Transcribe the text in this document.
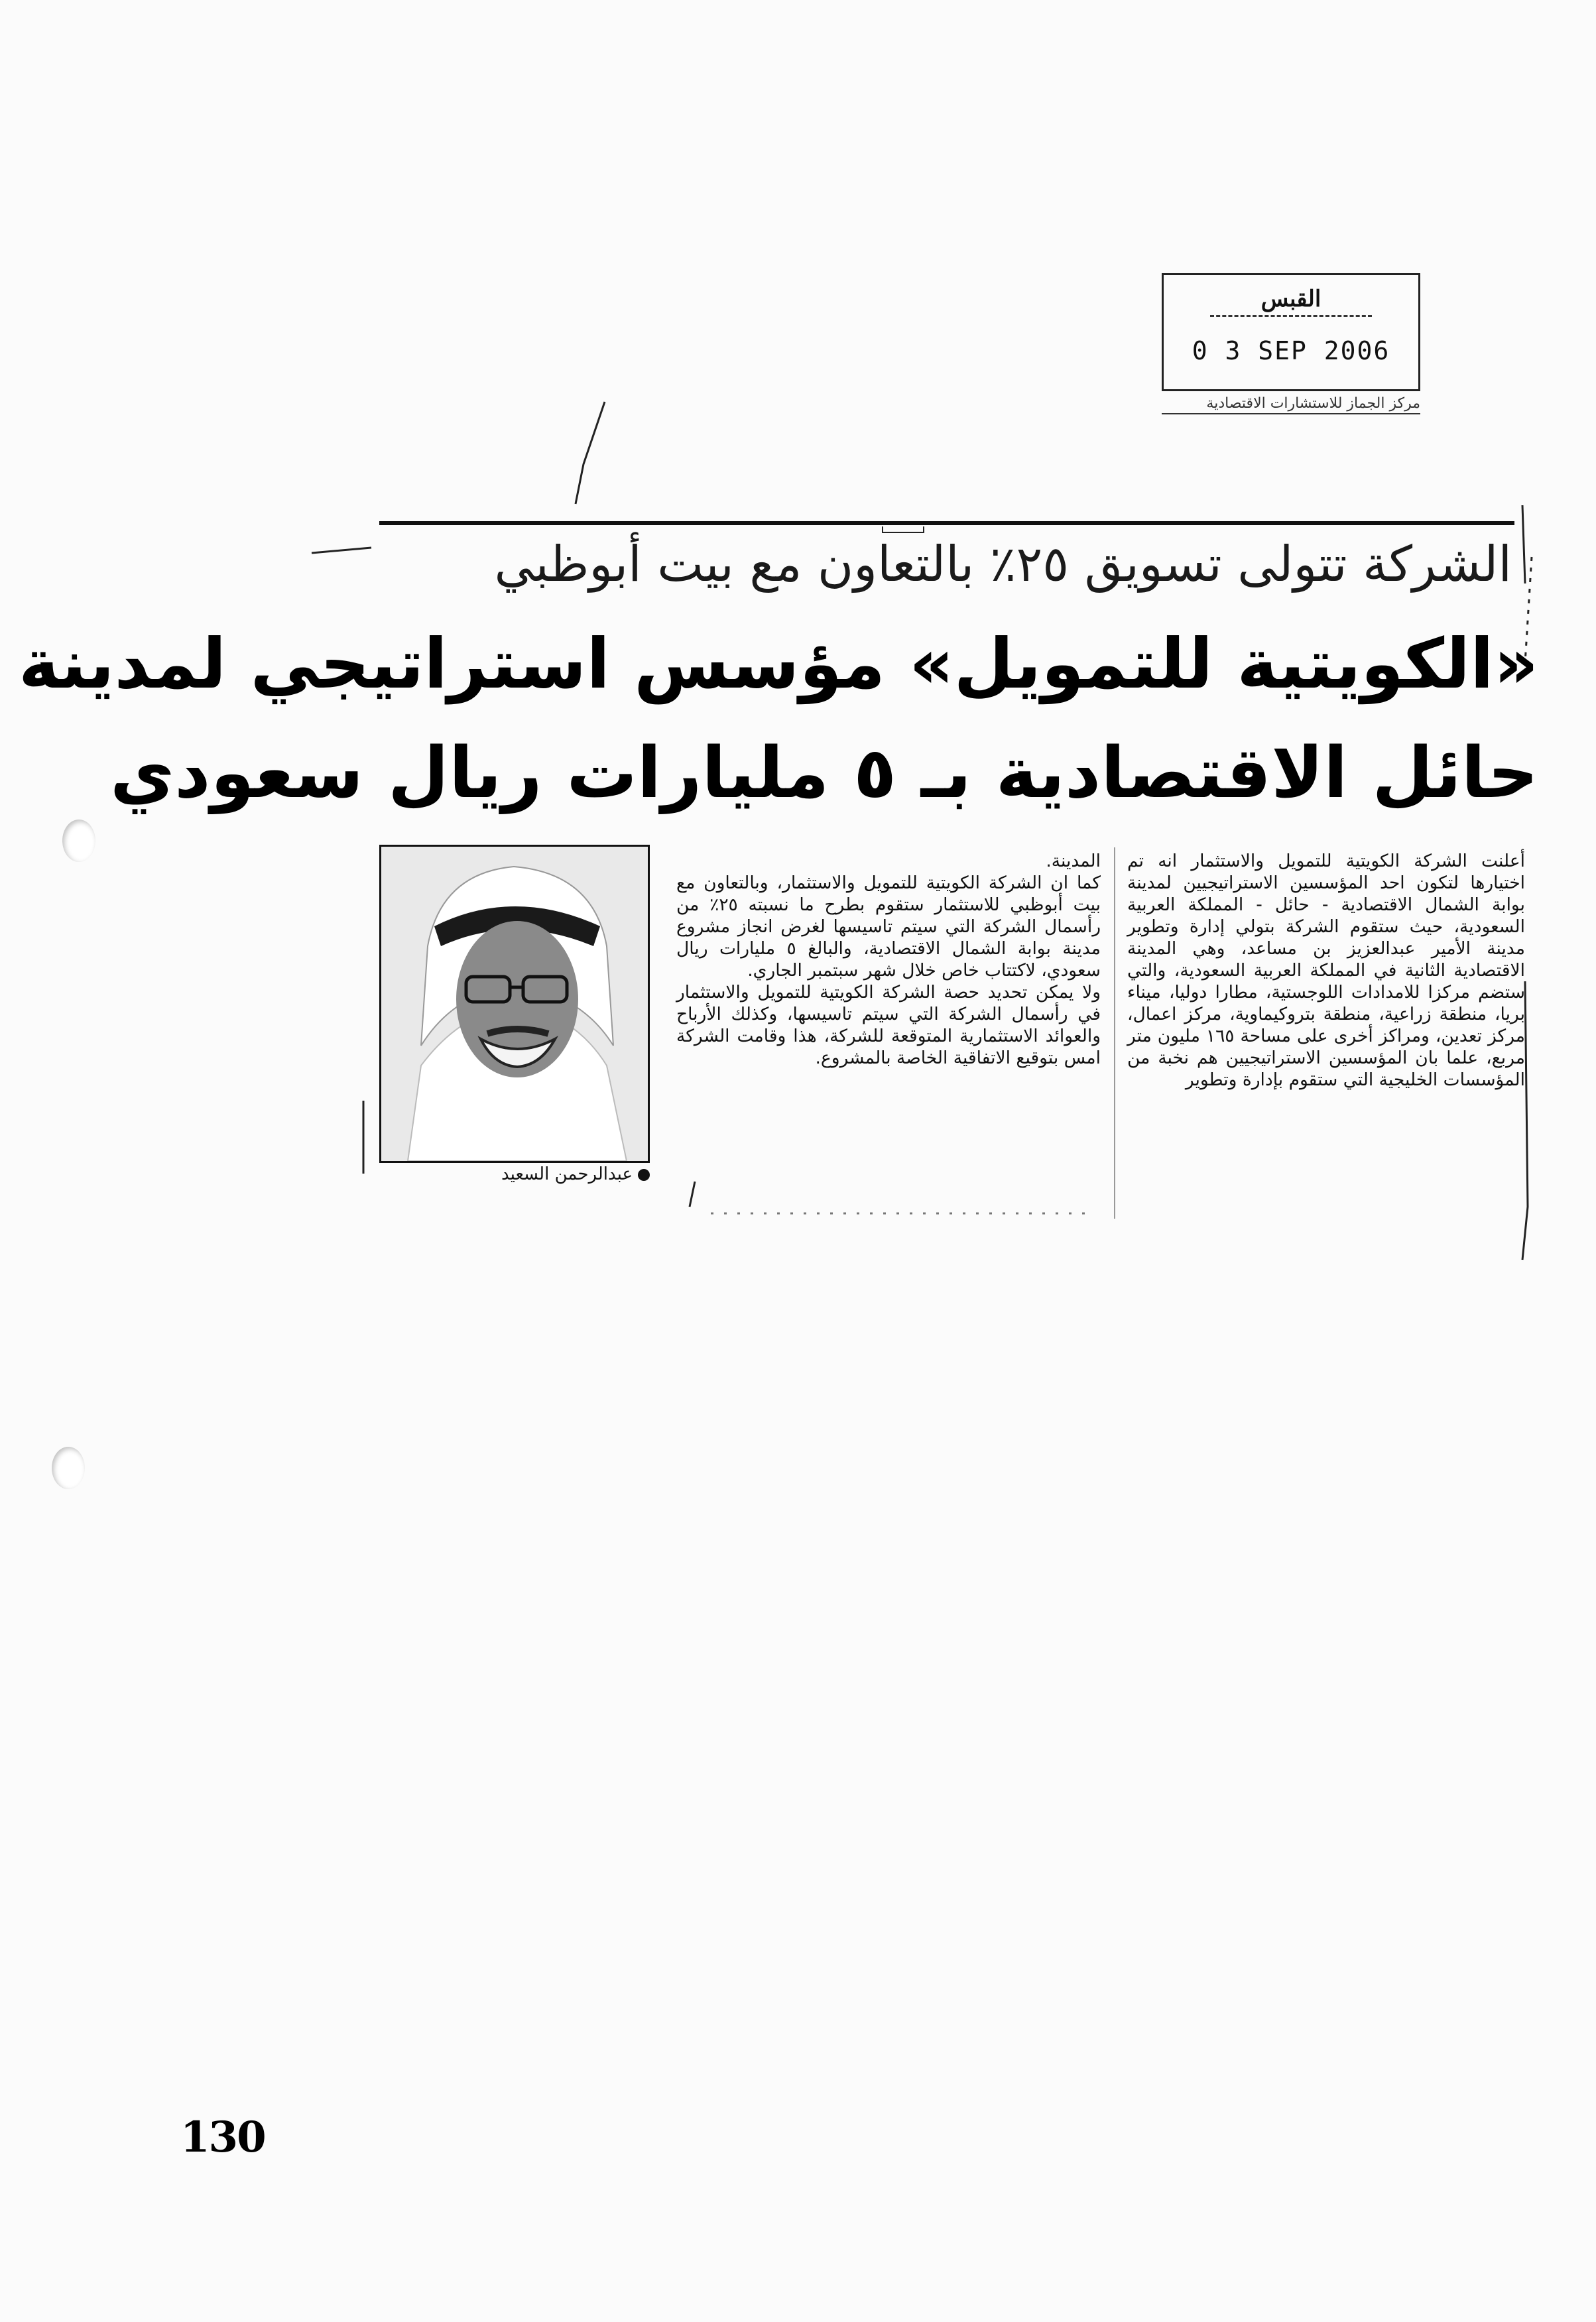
القبس
0 3 SEP 2006
مركز الجماز للاستشارات الاقتصادية
الشركة تتولى تسويق ٢٥٪ بالتعاون مع بيت أبوظبي
«الكويتية للتمويل» مؤسس استراتيجي لمدينة
حائل الاقتصادية بـ ٥ مليارات ريال سعودي

أعلنت الشركة الكويتية للتمويل والاستثمار انه تم اختيارها لتكون احد المؤسسين الاستراتيجيين لمدينة بوابة الشمال الاقتصادية - حائل - المملكة العربية السعودية، حيث ستقوم الشركة بتولي إدارة وتطوير مدينة الأمير عبدالعزيز بن مساعد، وهي المدينة الاقتصادية الثانية في المملكة العربية السعودية، والتي ستضم مركزا للامدادات اللوجستية، مطارا دوليا، ميناء بريا، منطقة زراعية، منطقة بتروكيماوية، مركز اعمال، مركز تعدين، ومراكز أخرى على مساحة ١٦٥ مليون متر مربع، علما بان المؤسسين الاستراتيجيين هم نخبة من المؤسسات الخليجية التي ستقوم بإدارة وتطوير

المدينة.

كما ان الشركة الكويتية للتمويل والاستثمار، وبالتعاون مع بيت أبوظبي للاستثمار ستقوم بطرح ما نسبته ٢٥٪ من رأسمال الشركة التي سيتم تاسيسها لغرض انجاز مشروع مدينة بوابة الشمال الاقتصادية، والبالغ ٥ مليارات ريال سعودي، لاكتتاب خاص خلال شهر سبتمبر الجاري.

ولا يمكن تحديد حصة الشركة الكويتية للتمويل والاستثمار في رأسمال الشركة التي سيتم تاسيسها، وكذلك الأرباح والعوائد الاستثمارية المتوقعة للشركة، هذا وقامت الشركة امس بتوقيع الاتفاقية الخاصة بالمشروع.

عبدالرحمن السعيد
130
